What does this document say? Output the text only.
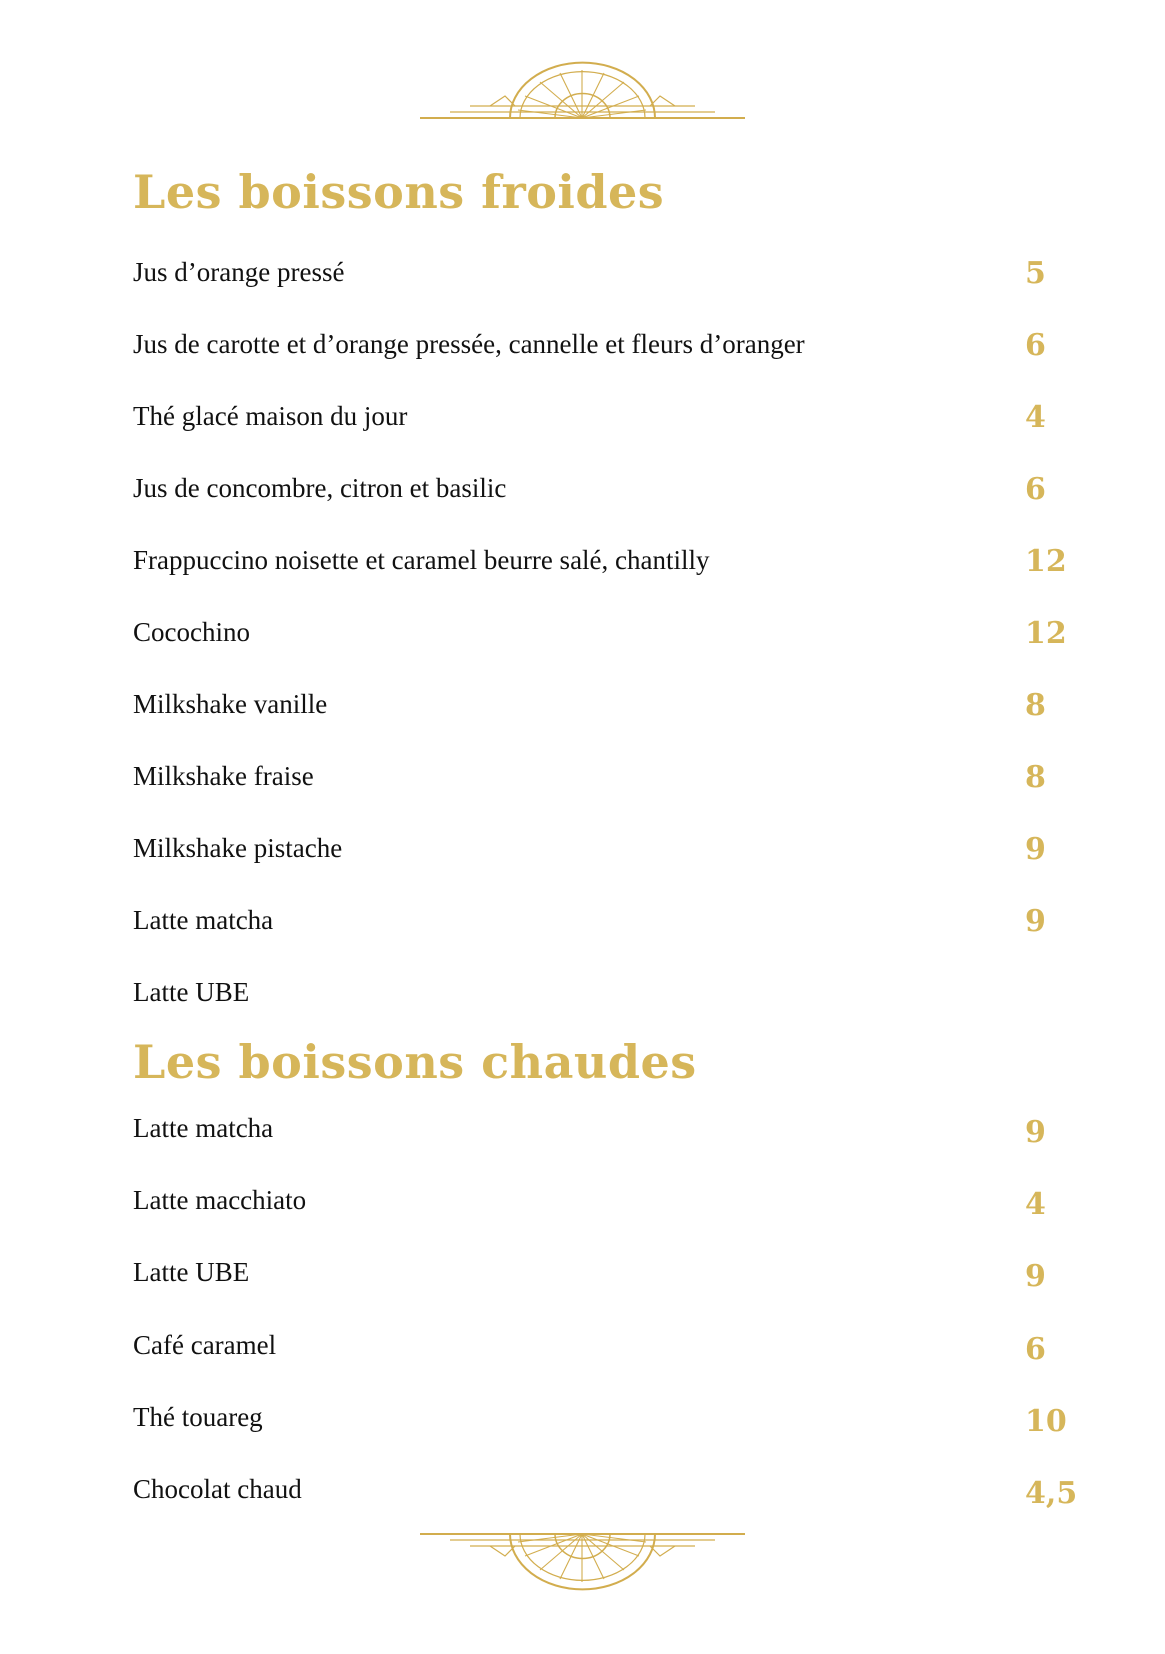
Les boissons froides
Jus d’orange pressé	5
Jus de carotte et d’orange pressée, cannelle et fleurs d’oranger	6
Thé glacé maison du jour	4
Jus de concombre, citron et basilic	6
Frappuccino noisette et caramel beurre salé, chantilly	12
Cocochino	12
Milkshake vanille	8
Milkshake fraise	8
Milkshake pistache	9
Latte matcha	9
Latte UBE
Les boissons chaudes
Latte matcha	9
Latte macchiato	4
Latte UBE	9
Café caramel	6
Thé touareg	10
Chocolat chaud	4,5
